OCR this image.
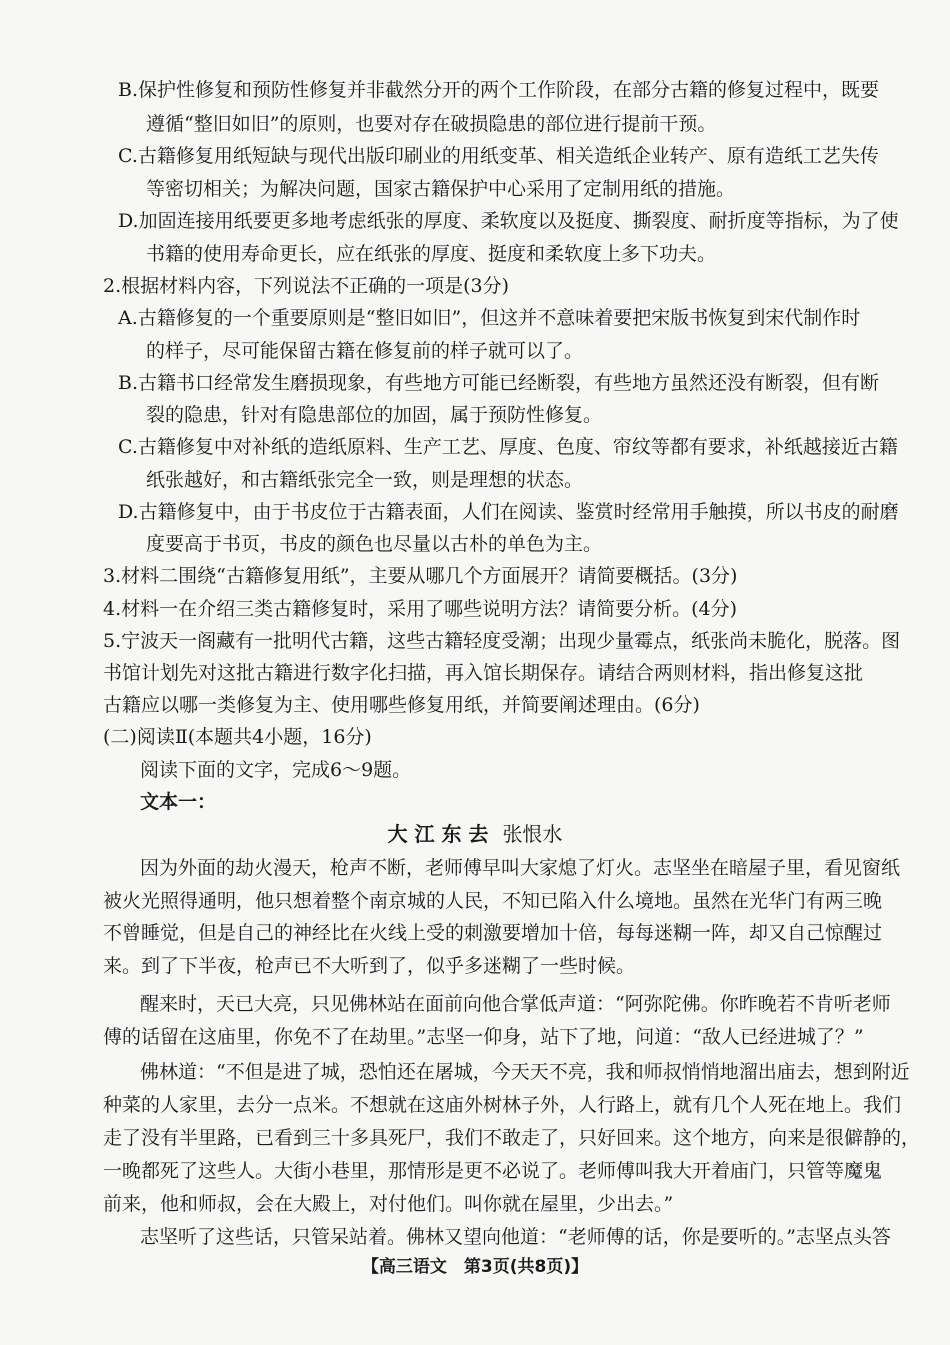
B.保护性修复和预防性修复并非截然分开的两个工作阶段，在部分古籍的修复过程中，既要

遵循“整旧如旧”的原则，也要对存在破损隐患的部位进行提前干预。

C.古籍修复用纸短缺与现代出版印刷业的用纸变革、相关造纸企业转产、原有造纸工艺失传

等密切相关；为解决问题，国家古籍保护中心采用了定制用纸的措施。

D.加固连接用纸要更多地考虑纸张的厚度、柔软度以及挺度、撕裂度、耐折度等指标，为了使

书籍的使用寿命更长，应在纸张的厚度、挺度和柔软度上多下功夫。

2.根据材料内容，下列说法不正确的一项是(3分)

A.古籍修复的一个重要原则是“整旧如旧”，但这并不意味着要把宋版书恢复到宋代制作时

的样子，尽可能保留古籍在修复前的样子就可以了。

B.古籍书口经常发生磨损现象，有些地方可能已经断裂，有些地方虽然还没有断裂，但有断

裂的隐患，针对有隐患部位的加固，属于预防性修复。

C.古籍修复中对补纸的造纸原料、生产工艺、厚度、色度、帘纹等都有要求，补纸越接近古籍

纸张越好，和古籍纸张完全一致，则是理想的状态。

D.古籍修复中，由于书皮位于古籍表面，人们在阅读、鉴赏时经常用手触摸，所以书皮的耐磨

度要高于书页，书皮的颜色也尽量以古朴的单色为主。

3.材料二围绕“古籍修复用纸”，主要从哪几个方面展开？请简要概括。(3分)

4.材料一在介绍三类古籍修复时，采用了哪些说明方法？请简要分析。(4分)

5.宁波天一阁藏有一批明代古籍，这些古籍轻度受潮；出现少量霉点，纸张尚未脆化，脱落。图

书馆计划先对这批古籍进行数字化扫描，再入馆长期保存。请结合两则材料，指出修复这批

古籍应以哪一类修复为主、使用哪些修复用纸，并简要阐述理由。(6分)

(二)阅读Ⅱ(本题共4小题，16分)

阅读下面的文字，完成6～9题。

文本一：

大 江 东 去 张恨水

因为外面的劫火漫天，枪声不断，老师傅早叫大家熄了灯火。志坚坐在暗屋子里，看见窗纸

被火光照得通明，他只想着整个南京城的人民，不知已陷入什么境地。虽然在光华门有两三晚

不曾睡觉，但是自己的神经比在火线上受的刺激要增加十倍，每每迷糊一阵，却又自己惊醒过

来。到了下半夜，枪声已不大听到了，似乎多迷糊了一些时候。

醒来时，天已大亮，只见佛林站在面前向他合掌低声道：“阿弥陀佛。你昨晚若不肯听老师

傅的话留在这庙里，你免不了在劫里。”志坚一仰身，站下了地，问道：“敌人已经进城了？”

佛林道：“不但是进了城，恐怕还在屠城，今天天不亮，我和师叔悄悄地溜出庙去，想到附近

种菜的人家里，去分一点米。不想就在这庙外树林子外，人行路上，就有几个人死在地上。我们

走了没有半里路，已看到三十多具死尸，我们不敢走了，只好回来。这个地方，向来是很僻静的，

一晚都死了这些人。大街小巷里，那情形是更不必说了。老师傅叫我大开着庙门，只管等魔鬼

前来，他和师叔，会在大殿上，对付他们。叫你就在屋里，少出去。”

【高三语文　第3页(共8页)】

志坚听了这些话，只管呆站着。佛林又望向他道：“老师傅的话，你是要听的。”志坚点头答
